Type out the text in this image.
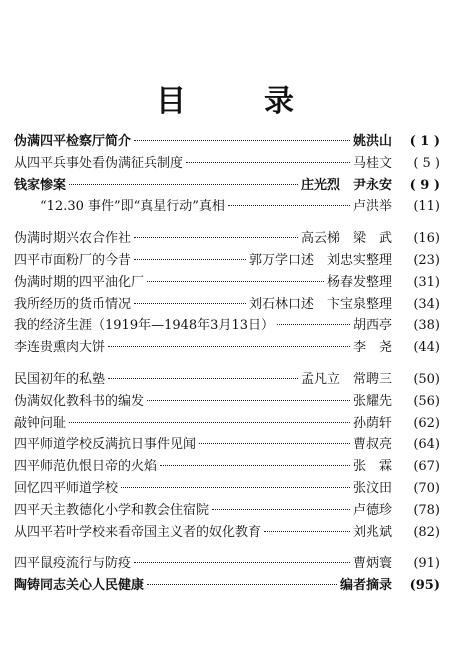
目　录
伪满四平检察厅简介	姚洪山	( 1 )
从四平兵事处看伪满征兵制度	马桂文	( 5 )
钱家惨案	庄光烈　尹永安	( 9 )
“12.30 事件”即“真星行动”真相	卢洪举	(11)
伪满时期兴农合作社	高云梯　梁　武	(16)
四平市面粉厂的今昔	郭万学口述　刘忠实整理	(23)
伪满时期的四平油化厂	杨春发整理	(31)
我所经历的货币情况	刘石林口述　卞宝泉整理	(34)
我的经济生涯（1919年—1948年3月13日）	胡西亭	(38)
李连贵熏肉大饼	李　尧	(44)
民国初年的私塾	孟凡立　常聘三	(50)
伪满奴化教科书的编发	张耀先	(56)
敲钟问耻	孙荫轩	(62)
四平师道学校反满抗日事件见闻	曹叔亮	(64)
四平师范仇恨日帝的火焰	张　霖	(67)
回忆四平师道学校	张汶田	(70)
四平天主教德化小学和教会住宿院	卢德珍	(78)
从四平若叶学校来看帝国主义者的奴化教育	刘兆斌	(82)
四平鼠疫流行与防疫	曹炳寰	(91)
陶铸同志关心人民健康	编者摘录	(95)
